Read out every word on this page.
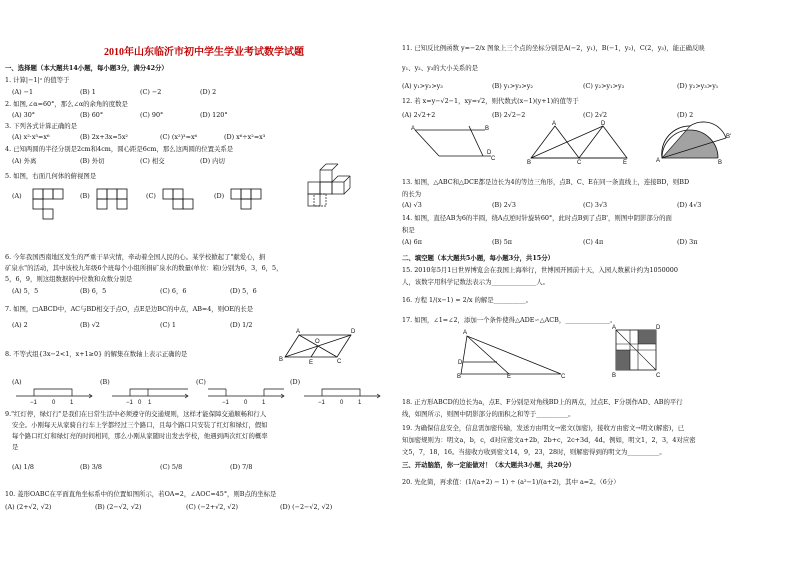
2010年山东临沂市初中学生学业考试数学试题
一、选择题（本大题共14小题，每小题3分，满分42分）
1. 计算|−1|ᵌ 的值等于
(A) −1	(B) 1	(C) −2	(D) 2
2. 如图,∠α=60°，那么∠α的余角的度数是
(A) 30°	(B) 60°	(C) 90°	(D) 120°
3. 下列各式计算正确的是
(A) x²·x³=x⁶	(B) 2x+3x=5x²	(C) (x²)³=x⁶	(D) x⁶÷x²=x³
4. 已知两圆的半径分别是2cm和4cm，圆心距是6cm，那么这两圆的位置关系是
(A) 外离	(B) 外切	(C) 相交	(D) 内切
5. 如图，右面几何体的俯视图是
(A)	(B)	(C)	(D)
6. 今年我国西南地区发生的严重干旱灾情，牵动着全国人民的心。某学校掀起了"献爱心，捐
矿泉水"的活动，其中该校九年级6个班每个小组所捐矿泉水的数量(单位：箱)分别为6，3，6，5，
5，6，9，则这组数据的中位数和众数分别是
(A) 5，5	(B) 6，5	(C) 6，6	(D) 5，6
7. 如图，□ABCD中，AC与BD相交于点O，点E是边BC的中点，AB=4，则OE的长是
(A) 2	(B) √2	(C) 1	(D) 1/2
A	D
B	C
O
E
8. 不等式组{3x−2<1，x+1≥0} 的解集在数轴上表示正确的是
(A)	(B)	(C)	(D)
−1	0 1	−1 0 1	−1	0 1	−1	0 1
9."红灯停，绿灯行"是我们在日常生活中必须遵守的交通规则，这样才能保障交通顺畅和行人
安全。小刚每天从家骑自行车上学都经过三个路口，且每个路口只安装了红灯和绿灯，假如
每个路口红灯和绿灯亮的时间相同，那么小刚从家随时出发去学校，他遇到两次红灯的概率
是
(A) 1/8	(B) 3/8	(C) 5/8	(D) 7/8
10. 菱形OABC在平面直角坐标系中的位置如图所示，若OA=2，∠AOC=45°，则B点的坐标是
(A) (2+√2, √2)	(B) (2−√2, √2)	(C) (−2+√2, √2)	(D) (−2−√2, √2)
11. 已知反比例函数 y=−2/x 图象上三个点的坐标分别是A(−2，y₁)，B(−1，y₂)，C(2，y₃)，能正确反映
y₁、y₂、y₃的大小关系的是
(A) y₁>y₂>y₃	(B) y₁>y₃>y₂	(C) y₂>y₁>y₃	(D) y₂>y₃>y₁
12. 若 x=y−√2−1，xy=√2，则代数式(x−1)(y+1)的值等于
(A) 2√2+2	(B) 2√2−2	(C) 2√2	(D) 2
A	B
C
D
A
B	C
D
E	A	B
B'
13. 如图，△ABC和△DCE都是边长为4的等边三角形，点B、C、E在同一条直线上，连接BD，则BD
的长为
(A) √3	(B) 2√3	(C) 3√3	(D) 4√3
14. 如图，直径AB为6的半圆，绕A点逆时针旋转60°，此时点B到了点B'，则图中阴影部分的面
积是
(A) 6π	(B) 5π	(C) 4π	(D) 3π
二、填空题（本大题共5小题，每小题3分，共15分）
15. 2010年5月1日世界博览会在我国上海举行，世博园开园前十天，入园人数累计约为1050000
人，该数字用科学记数法表示为______________人。
16. 方程 1/(x−1) = 2/x 的解是__________。
17. 如图，∠1=∠2，添加一个条件使得△ADE∽△ACB，______________。
A
B	C
D
E
A	D
B	C
18. 正方形ABCD的边长为a，点E、F分别是对角线BD上的两点，过点E、F分别作AD、AB的平行
线，如图所示，则图中阴影部分的面积之和等于__________。
19. 为确保信息安全，信息需加密传输，发送方由明文→密文(加密)，接收方由密文→明文(解密)，已
知加密规则为：明文a，b，c，d对应密文a+2b，2b+c，2c+3d，4d。例如，明文1，2，3，4对应密
文5，7，18，16。当接收方收到密文14，9，23，28时，则解密得到的明文为__________。
三、开动脑筋，你一定能做对！（本大题共3小题，共20分）
20. 先化简，再求值：(1/(a+2) − 1) ÷ (a²−1)/(a+2)，其中 a=2。（6分）
